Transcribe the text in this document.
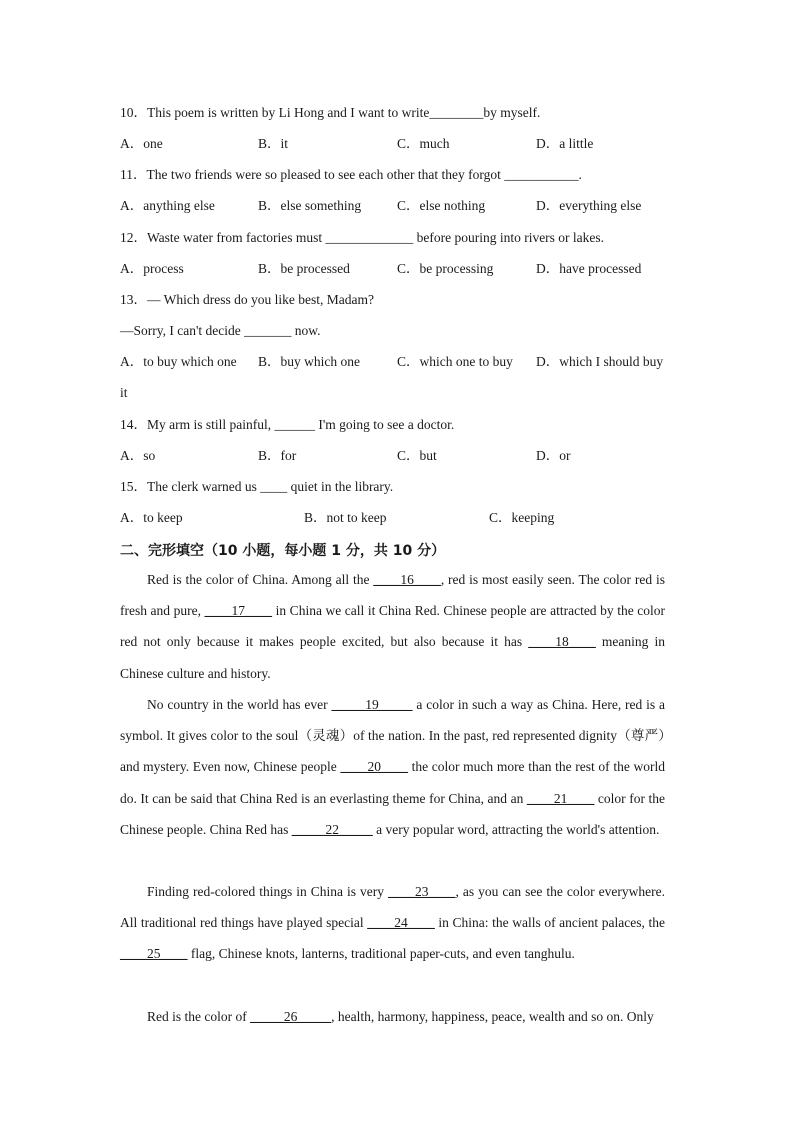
10．This poem is written by Li Hong and I want to write________by myself.
A．one	B．it	C．much	D．a little
11．The two friends were so pleased to see each other that they forgot ___________.
A．anything else	B．else something	C．else nothing	D．everything else
12．Waste water from factories must _____________ before pouring into rivers or lakes.
A．process	B．be processed	C．be processing	D．have processed
13．— Which dress do you like best, Madam?
—Sorry, I can't decide _______ now.
A．to buy which one B．buy which one	C．which one to buy D．which I should buy
it
14．My arm is still painful, ______ I'm going to see a doctor.
A．so	B．for	C．but	D．or
15．The clerk warned us ____ quiet in the library.
A．to keep	B．not to keep	C．keeping
二、完形填空（10 小题，每小题 1 分，共 10 分）

Red is the color of China. Among all the ____16____, red is most easily seen. The color red is fresh and pure, ____17____ in China we call it China Red. Chinese people are attracted by the color red not only because it makes people excited, but also because it has ____18____ meaning in Chinese culture and history.

No country in the world has ever _____19_____ a color in such a way as China. Here, red is a symbol. It gives color to the soul（灵魂）of the nation. In the past, red represented dignity（尊严）and mystery. Even now, Chinese people ____20____ the color much more than the rest of the world do. It can be said that China Red is an everlasting theme for China, and an ____21____ color for the Chinese people. China Red has _____22_____ a very popular word, attracting the world's attention.

Finding red-colored things in China is very ____23____, as you can see the color everywhere. All traditional red things have played special ____24____ in China: the walls of ancient palaces, the ____25____ flag, Chinese knots, lanterns, traditional paper-cuts, and even tanghulu.

Red is the color of _____26_____, health, harmony, happiness, peace, wealth and so on. Only
